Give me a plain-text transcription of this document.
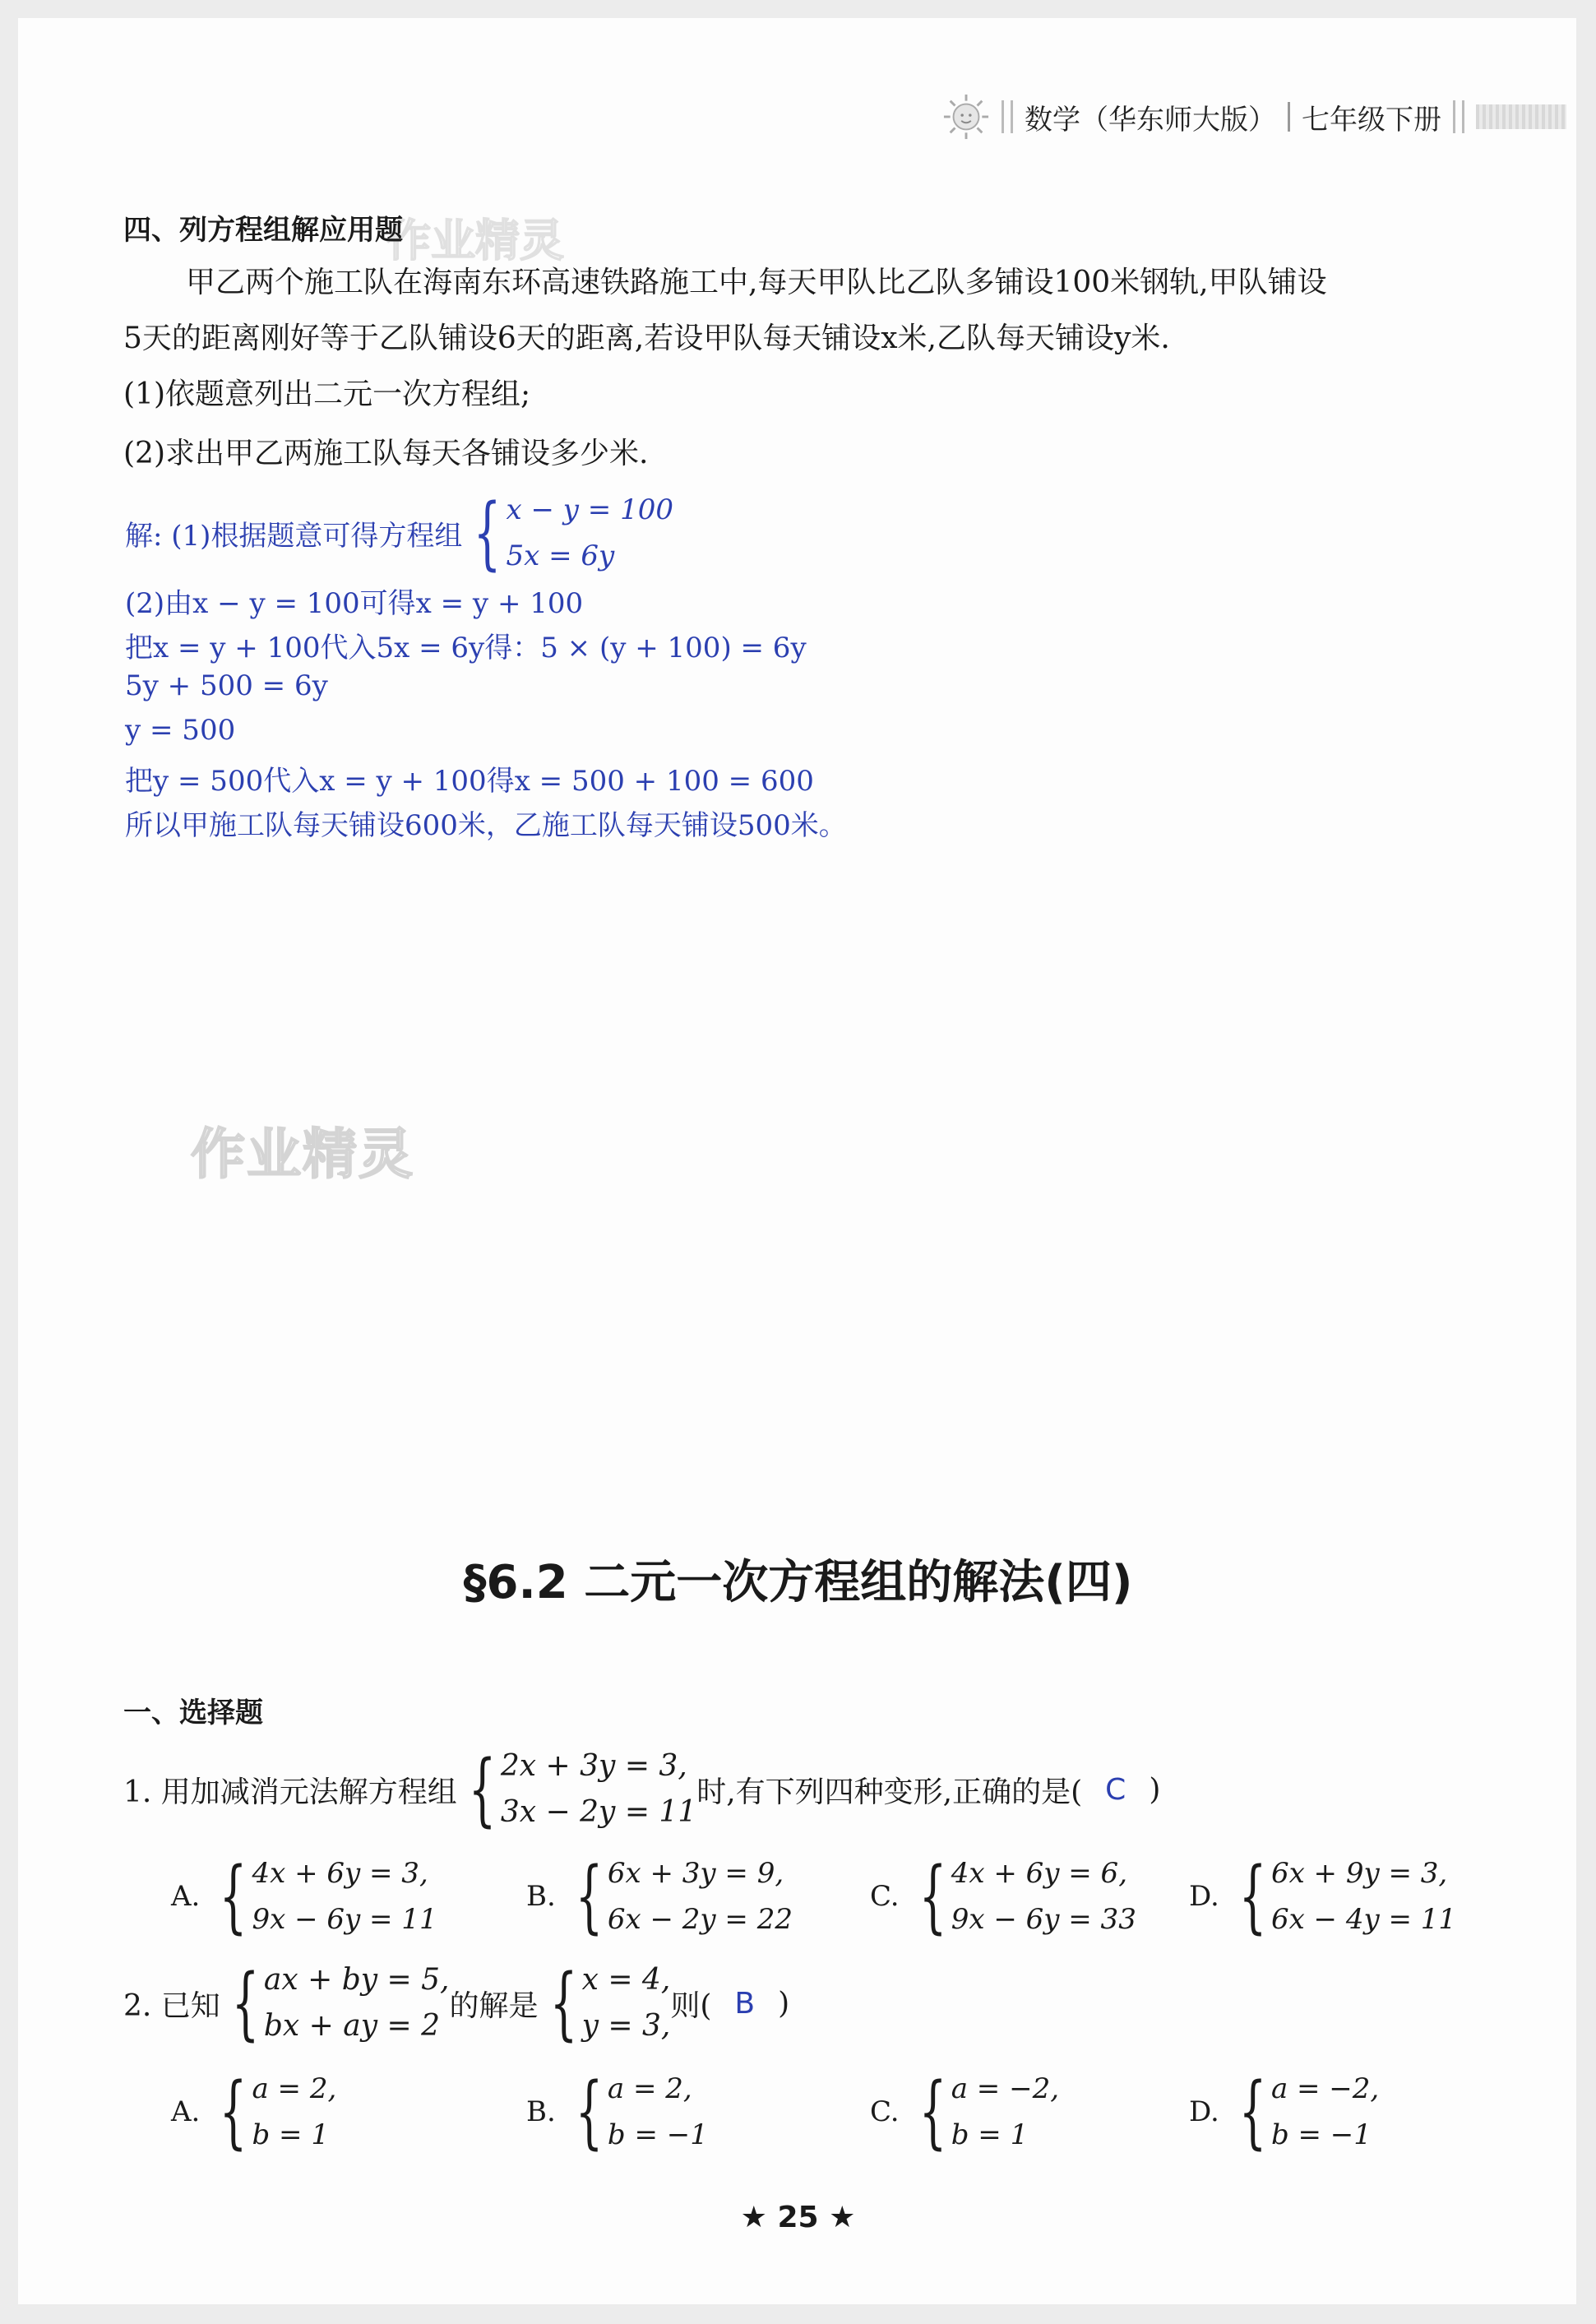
数学（华东师大版） 七年级下册
作业精灵
四、列方程组解应用题
甲乙两个施工队在海南东环高速铁路施工中,每天甲队比乙队多铺设100米钢轨,甲队铺设
5天的距离刚好等于乙队铺设6天的距离,若设甲队每天铺设x米,乙队每天铺设y米.
(1)依题意列出二元一次方程组;
(2)求出甲乙两施工队每天各铺设多少米.
解: (1)根据题意可得方程组 { x − y = 100
5x = 6y
(2)由x − y = 100可得x = y + 100
把x = y + 100代入5x = 6y得：5 × (y + 100) = 6y
5y + 500 = 6y
y = 500
把y = 500代入x = y + 100得x = 500 + 100 = 600
所以甲施工队每天铺设600米，乙施工队每天铺设500米。
作业精灵
§6.2 二元一次方程组的解法(四)
一、选择题
1. 用加减消元法解方程组 { 2x + 3y = 3,
3x − 2y = 11
时,有下列四种变形,正确的是( C )
A. { 4x + 6y = 3,
9x − 6y = 11
B. { 6x + 3y = 9,
6x − 2y = 22
C. { 4x + 6y = 6,
9x − 6y = 33
D. { 6x + 9y = 3,
6x − 4y = 11
2. 已知 { ax + by = 5,
bx + ay = 2
的解是 { x = 4,
y = 3,
则( B )
A. { a = 2,
b = 1
B. { a = 2,
b = −1
C. { a = −2,
b = 1
D. { a = −2,
b = −1
★ 25 ★
